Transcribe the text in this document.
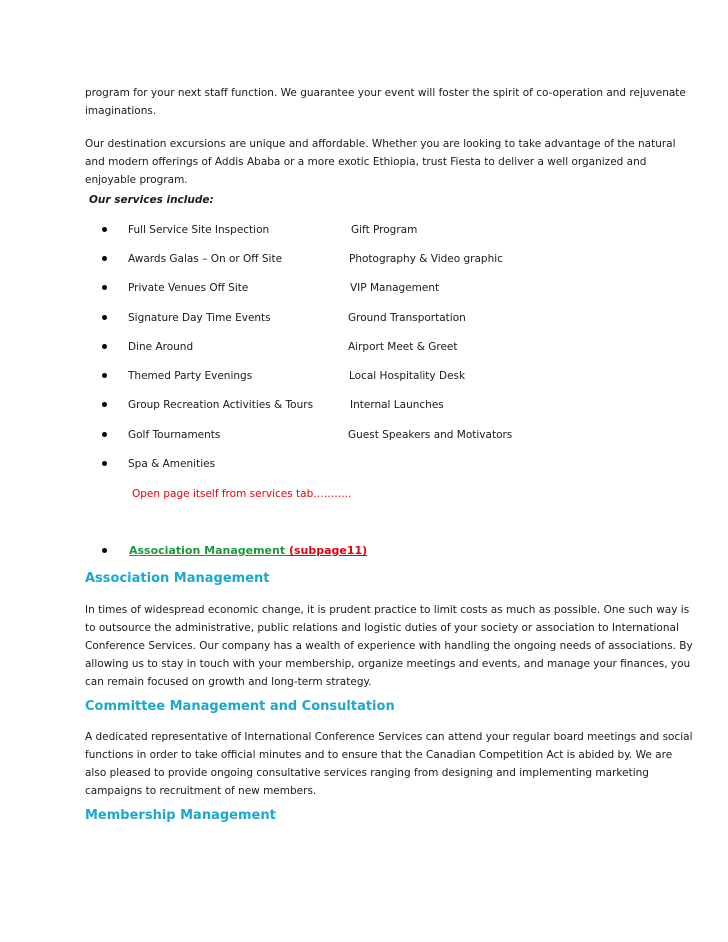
program for your next staff function. We guarantee your event will foster the spirit of co-operation and rejuvenate
imaginations.
Our destination excursions are unique and affordable. Whether you are looking to take advantage of the natural
and modern offerings of Addis Ababa or a more exotic Ethiopia, trust Fiesta to deliver a well organized and
enjoyable program.

Our services include:

Full Service Site Inspection	Gift Program
Awards Galas – On or Off Site	Photography & Video graphic
Private Venues Off Site	VIP Management
Signature Day Time Events	Ground Transportation
Dine Around	Airport Meet & Greet
Themed Party Evenings	Local Hospitality Desk
Group Recreation Activities & Tours	Internal Launches
Golf Tournaments	Guest Speakers and Motivators
Spa & Amenities
Open page itself from services tab………..
Association Management (subpage11)
Association Management
In times of widespread economic change, it is prudent practice to limit costs as much as possible. One such way is
to outsource the administrative, public relations and logistic duties of your society or association to International
Conference Services. Our company has a wealth of experience with handling the ongoing needs of associations. By
allowing us to stay in touch with your membership, organize meetings and events, and manage your finances, you
can remain focused on growth and long-term strategy.
Committee Management and Consultation
A dedicated representative of International Conference Services can attend your regular board meetings and social
functions in order to take official minutes and to ensure that the Canadian Competition Act is abided by. We are
also pleased to provide ongoing consultative services ranging from designing and implementing marketing
campaigns to recruitment of new members.
Membership Management
